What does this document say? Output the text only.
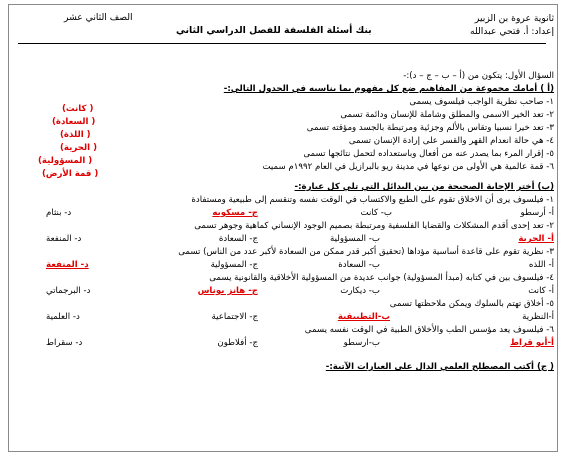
ثانوية عروة بن الزبير
إعداد: أ. فتحي عبدالله
الصف الثاني عشر
بنك أسئلة الفلسفة للفصل الدراسي الثاني
السؤال الأول: يتكون من (أ – ب – ج – د):-
(أ ) أمامك مجموعة من المفاهيم ضع كل مفهوم بما يناسبه في الجدول التالي:-
١- صاحب نظرية الواجب فيلسوف يسمى
٢- تعد الخير الاسمى والمطلق وشاملة للإنسان ودائمة تسمى
٣- تعد خيرا نسبيا وتقاس بالألم وجزئية ومرتبطة بالجسد ومؤقته تسمى
٤- هي حالة انعدام القهر والقسر على إرادة الإنسان تسمى
٥- إقرار المرء بما يصدر عنه من أفعال وباستعداده لتحمل نتائجها تسمى
٦- قمة عالمية هي الأولى من نوعها في مدينة ريو بالبرازيل في العام ١٩٩٢م سميت
( كانت)
( السعادة)
( اللذة)
( الحرية)
( المسؤولية)
( قمة الأرض)
(ب) أختر الإجابة الصحيحة من بين البدائل التي تلي كل عبارة:-
١- فيلسوف يرى أن الاخلاق تقوم على الطبع والاكتساب في الوقت نفسه وتنقسم إلى طبيعية ومستفادة
أ- أرسطو
ب- كانت
ج- مسكويه
د- بنثام
٢- تعد إحدى أقدم المشكلات والقضايا الفلسفية ومرتبطة بصميم الوجود الإنساني كماهية وجوهر تسمى
أ- الحرية
ب- المسؤولية
ج- السعادة
د- المنفعة
٣- نظرية تقوم على قاعدة أساسية مؤداها (تحقيق أكبر قدر ممكن من السعادة لأكبر عدد من الناس) تسمى
أ- اللذه
ب- السعادة
ج- المسؤولية
د- المنفعة
٤- فيلسوف بين في كتابه (مبدأ المسؤولية) جوانب عديدة من المسؤولية الأخلاقية والقانونية يسمى
أ- كانت
ب- ديكارت
ج- هانز يوناس
د- البرجماتي
٥- أخلاق تهتم بالسلوك ويمكن ملاحظتها تسمى
أ-النظرية
ب-التطبيقية
ج- الاجتماعية
د- العلمية
٦- فيلسوف يعد مؤسس الطب والأخلاق الطبية في الوقت نفسه يسمى
أ-أبو قراط
ب-ارسطو
ج- أفلاطون
د- سقراط
( ج) أكتب المصطلح العلمي الدال على العبارات الآتية:-
